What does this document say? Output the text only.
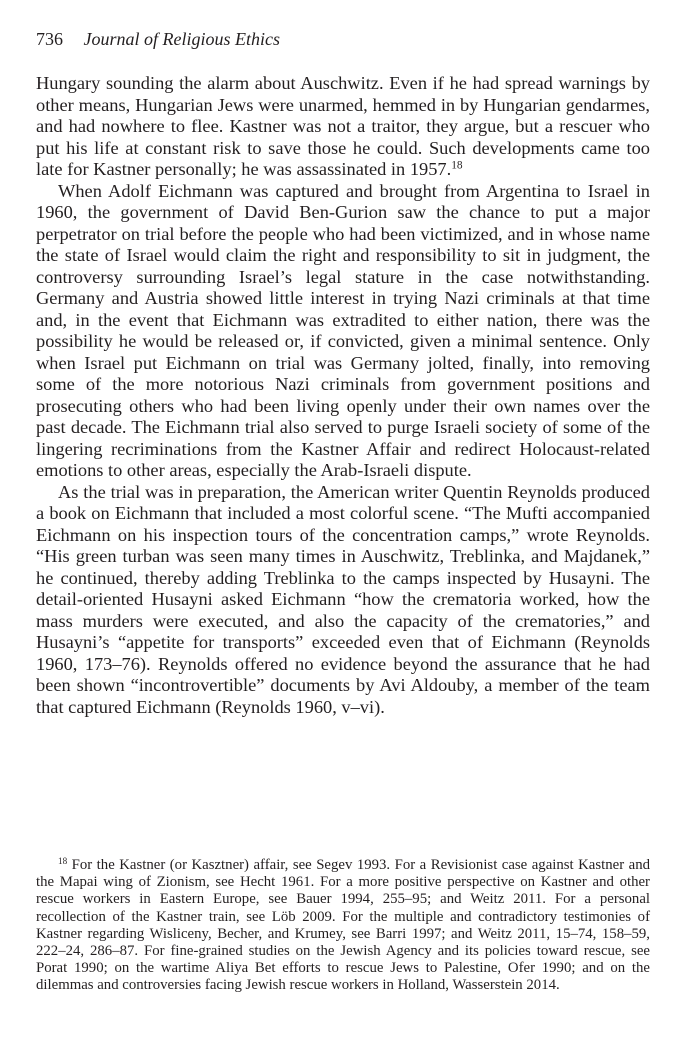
736 Journal of Religious Ethics

Hungary sounding the alarm about Auschwitz. Even if he had spread warnings by other means, Hungarian Jews were unarmed, hemmed in by Hungarian gendarmes, and had nowhere to flee. Kastner was not a traitor, they argue, but a rescuer who put his life at constant risk to save those he could. Such developments came too late for Kastner personally; he was assassinated in 1957.18

When Adolf Eichmann was captured and brought from Argentina to Israel in 1960, the government of David Ben-Gurion saw the chance to put a major perpetrator on trial before the people who had been victimized, and in whose name the state of Israel would claim the right and responsibility to sit in judgment, the controversy surrounding Israel’s legal stature in the case notwithstanding. Germany and Austria showed little interest in trying Nazi criminals at that time and, in the event that Eichmann was extradited to either nation, there was the possibility he would be released or, if convicted, given a minimal sentence. Only when Israel put Eichmann on trial was Germany jolted, finally, into removing some of the more notorious Nazi criminals from government positions and prosecuting others who had been living openly under their own names over the past decade. The Eichmann trial also served to purge Israeli society of some of the lingering recriminations from the Kastner Affair and redirect Holocaust-related emotions to other areas, especially the Arab-Israeli dispute.

As the trial was in preparation, the American writer Quentin Reynolds produced a book on Eichmann that included a most colorful scene. “The Mufti accompanied Eichmann on his inspection tours of the concentration camps,” wrote Reynolds. “His green turban was seen many times in Auschwitz, Treblinka, and Majdanek,” he continued, thereby adding Treblinka to the camps inspected by Husayni. The detail-oriented Husayni asked Eichmann “how the crematoria worked, how the mass murders were executed, and also the capacity of the crematories,” and Husayni’s “appetite for transports” exceeded even that of Eichmann (Reynolds 1960, 173–76). Reynolds offered no evidence beyond the assurance that he had been shown “incontrovertible” documents by Avi Aldouby, a member of the team that captured Eichmann (Reynolds 1960, v–vi).

$^{18}$ For the Kastner (or Kasztner) affair, see Segev 1993. For a Revisionist case against Kastner and the Mapai wing of Zionism, see Hecht 1961. For a more positive perspective on Kastner and other rescue workers in Eastern Europe, see Bauer 1994, 255–95; and Weitz 2011. For a personal recollection of the Kastner train, see Löb 2009. For the multiple and contradictory testimonies of Kastner regarding Wisliceny, Becher, and Krumey, see Barri 1997; and Weitz 2011, 15–74, 158–59, 222–24, 286–87. For fine-grained studies on the Jewish Agency and its policies toward rescue, see Porat 1990; on the wartime Aliya Bet efforts to rescue Jews to Palestine, Ofer 1990; and on the dilemmas and controversies facing Jewish rescue workers in Holland, Wasserstein 2014.
